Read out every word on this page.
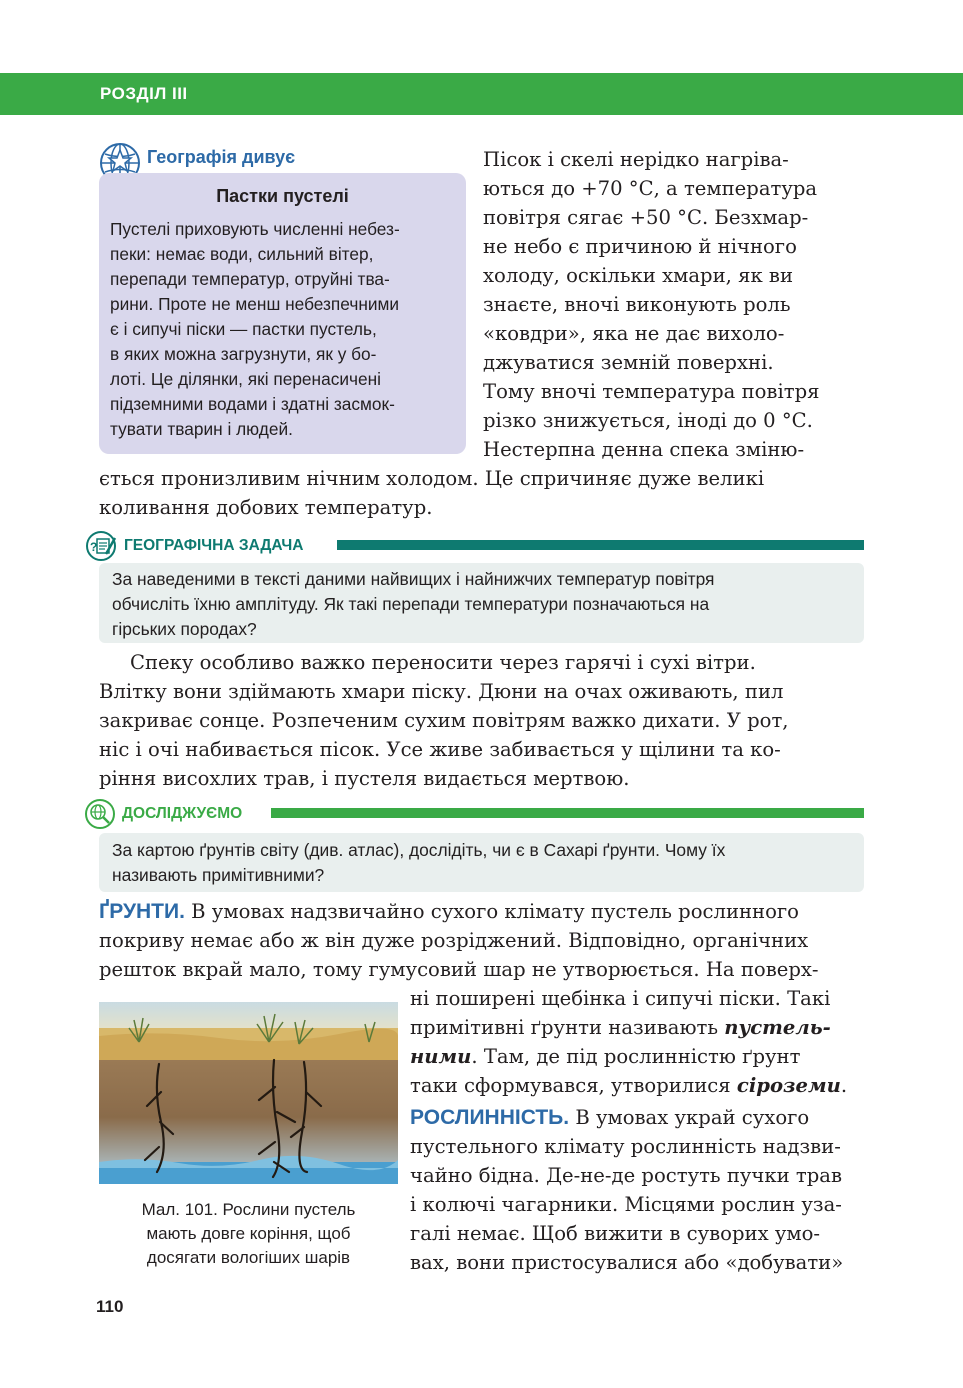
РОЗДІЛ III
Географія дивує
Пастки пустелі
Пустелі приховують численні небез-
пеки: немає води, сильний вітер,
перепади температур, отруйні тва-
рини. Проте не менш небезпечними
є і сипучі піски — пастки пустель,
в яких можна загрузнути, як у бо-
лоті. Це ділянки, які перенасичені
підземними водами і здатні засмок-
тувати тварин і людей.
Пісок і скелі нерідко нагріва-
ються до +70 °С, а температура
повітря сягає +50 °С. Безхмар-
не небо є причиною й нічного
холоду, оскільки хмари, як ви
знаєте, вночі виконують роль
«ковдри», яка не дає вихоло-
джуватися земній поверхні.
Тому вночі температура повітря
різко знижується, іноді до 0 °С.
Нестерпна денна спека зміню-
ється пронизливим нічним холодом. Це спричиняє дуже великі
коливання добових температур.
? ГЕОГРАФІЧНА ЗАДАЧА
За наведеними в тексті даними найвищих і найнижчих температур повітря
обчисліть їхню амплітуду. Як такі перепади температури позначаються на
гірських породах?
Спеку особливо важко переносити через гарячі і сухі вітри.
Влітку вони здіймають хмари піску. Дюни на очах оживають, пил
закриває сонце. Розпеченим сухим повітрям важко дихати. У рот,
ніс і очі набивається пісок. Усе живе забивається у щілини та ко-
ріння висохлих трав, і пустеля видається мертвою.
ДОСЛІДЖУЄМО
За картою ґрунтів світу (див. атлас), дослідіть, чи є в Сахарі ґрунти. Чому їх
називають примітивними?
ҐРУНТИ. В умовах надзвичайно сухого клімату пустель рослинного
покриву немає або ж він дуже розріджений. Відповідно, органічних
решток вкрай мало, тому гумусовий шар не утворюється. На поверх-
ні поширені щебінка і сипучі піски. Такі
примітивні ґрунти називають пустель-
ними. Там, де під рослинністю ґрунт
таки сформувався, утворилися сіроземи.
РОСЛИННІСТЬ. В умовах украй сухого
пустельного клімату рослинність надзви-
чайно бідна. Де-не-де ростуть пучки трав
і колючі чагарники. Місцями рослин уза-
галі немає. Щоб вижити в суворих умо-
вах, вони пристосувалися або «добувати»
Мал. 101. Рослини пустель
мають довге коріння, щоб
досягати вологіших шарів
110
